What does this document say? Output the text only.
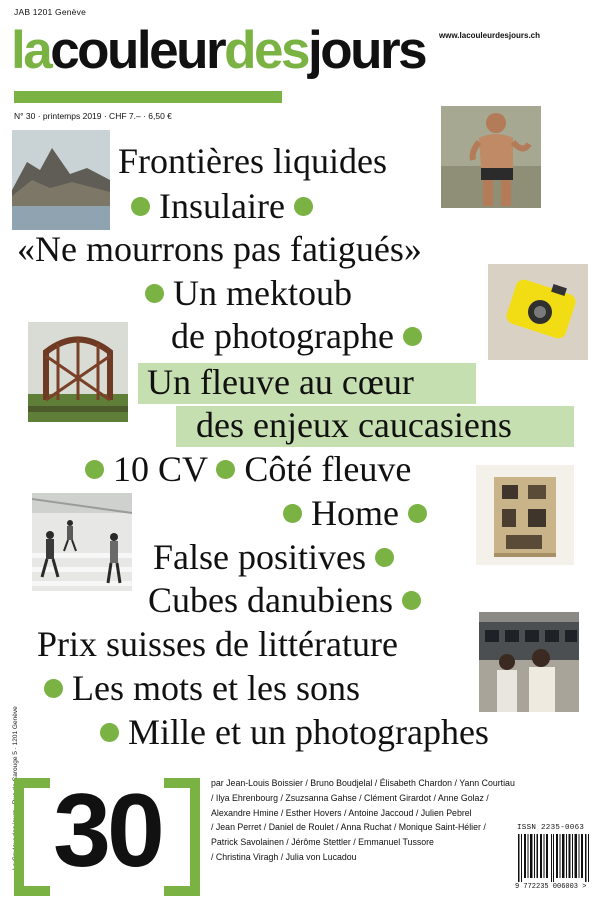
JAB 1201 Genève
www.lacouleurdesjours.ch
lacouleurdesjours
N° 30 · printemps 2019 · CHF 7.– · 6,50 €
Frontières liquides
Insulaire
«Ne mourrons pas fatigués»
Un mektoub
de photographe
Un fleuve au cœur
des enjeux caucasiens
10 CV Côté fleuve
Home
False positives
Cubes danubiens
Prix suisses de littérature
Les mots et les sons
Mille et un photographes
La Couleur des jours · Rue de Carouge 5 · 1201 Genève 30	par Jean-Louis Boissier / Bruno Boudjelal / Élisabeth Chardon / Yann Courtiau
/ Ilya Ehrenbourg / Zsuzsanna Gahse / Clément Girardot / Anne Golaz /
Alexandre Hmine / Esther Hovers / Antoine Jaccoud / Julien Pebrel
/ Jean Perret / Daniel de Roulet / Anna Ruchat / Monique Saint-Hélier /
Patrick Savolainen / Jérôme Stettler / Emmanuel Tussore
/ Christina Viragh / Julia von Lucadou
ISSN 2235-0063
9 772235 006003 >
